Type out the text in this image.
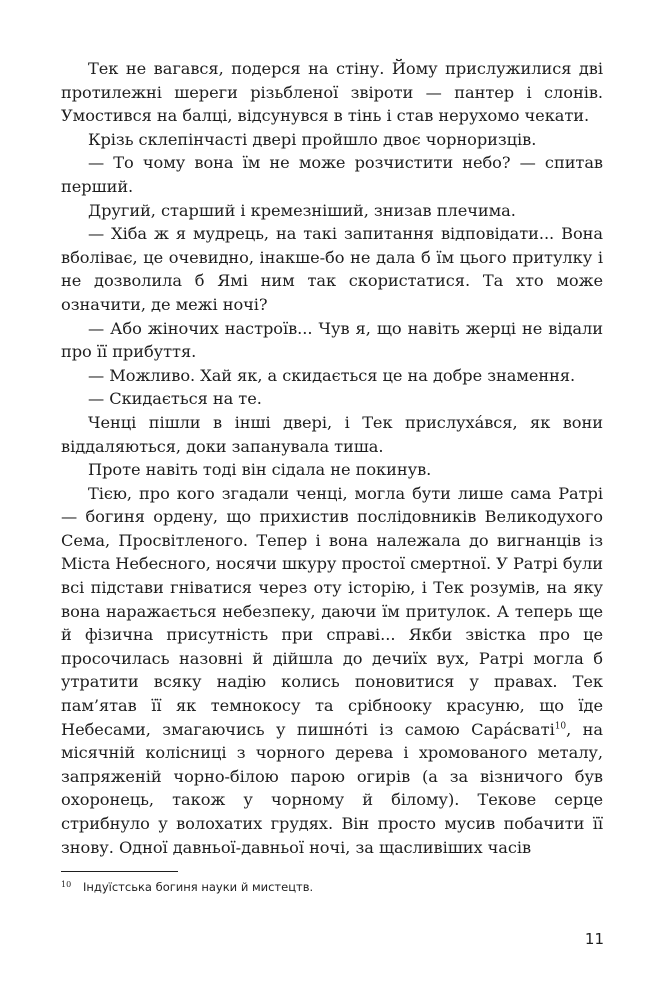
Тек не вагався, подерся на стіну. Йому прислужилися дві протилежні шереги різьбленої звіроти — пантер і слонів. Умостився на балці, відсунувся в тінь і став нерухомо чекати.

Крізь склепінчасті двері пройшло двоє чорноризців.

— То чому вона їм не може розчистити небо? — спитав перший.

Другий, старший і кремезніший, знизав плечима.

— Хіба ж я мудрець, на такі запитання відповідати... Вона вболіває, це очевидно, інакше-бо не дала б їм цього притулку і не дозволила б Ямі ним так скористатися. Та хто може означити, де межі ночі?

— Або жіночих настроїв... Чув я, що навіть жерці не відали про її прибуття.

— Можливо. Хай як, а скидається це на добре знамення.

— Скидається на те.

Ченці пішли в інші двері, і Тек прислуха́вся, як вони віддаляються, доки запанувала тиша.

Проте навіть тоді він сідала не покинув.

Тією, про кого згадали ченці, могла бути лише сама Ратрі — богиня ордену, що прихистив послідовників Великодухого Сема, Просвітленого. Тепер і вона належала до вигнанців із Міста Небесного, носячи шкуру простої смертної. У Ратрі були всі підстави гніватися через оту історію, і Тек розумів, на яку вона наражається небезпеку, даючи їм притулок. А теперь ще й фізична присутність при справі... Якби звістка про це просочилась назовні й дійшла до дечиїх вух, Ратрі могла б утратити всяку надію колись поновитися у правах. Тек пам’ятав її як темнокосу та срібноoку красуню, що їде Небесами, змагаючись у пишно́ті із самою Сара́сваті$^{10}$, на місячній колісниці з чорного дерева і хромованого металу, запряженій чорно-білою парою огирів (а за візничого був охоронець, також у чорному й білому). Текове серце стрибнуло у волохатих грудях. Він просто мусив побачити її знову. Одної давньої-давньої ночі, за щасливіших часів

10 Індуїстська богиня науки й мистецтв.
11
